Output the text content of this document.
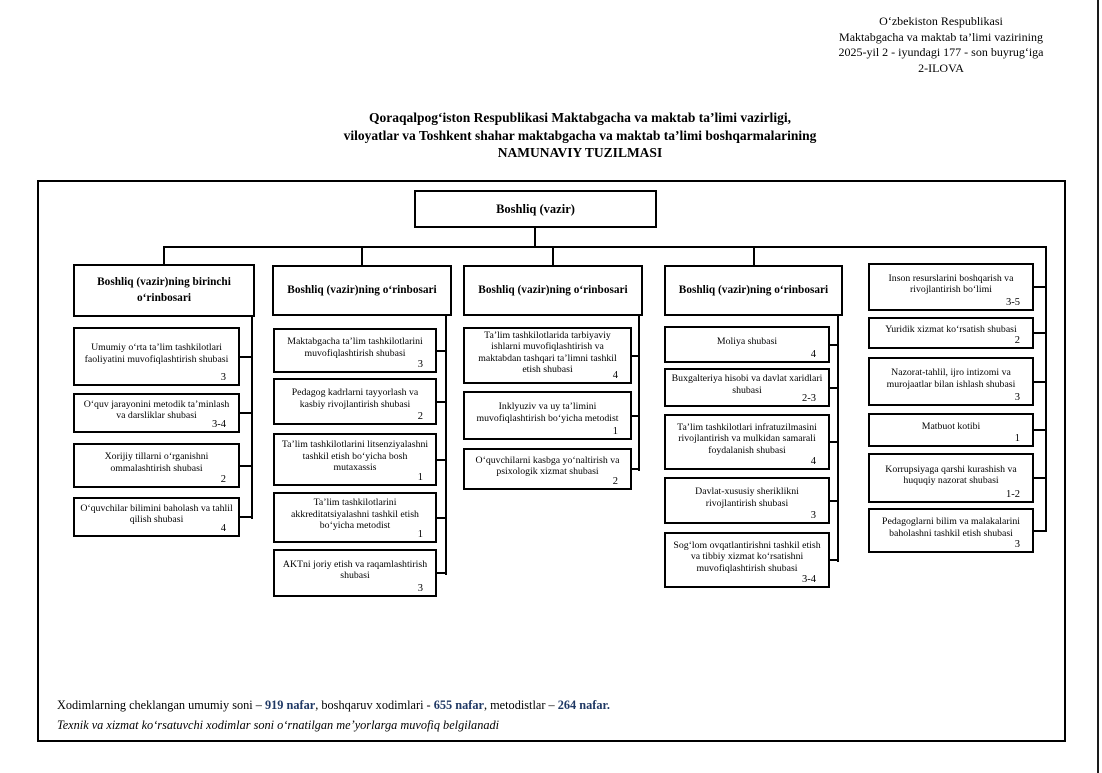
O‘zbekiston Respublikasi
Maktabgacha va maktab ta’limi vazirining
2025-yil 2 - iyundagi 177 - son buyrug‘iga
2-ILOVA
Qoraqalpog‘iston Respublikasi Maktabgacha va maktab ta’limi vazirligi,
viloyatlar va Toshkent shahar maktabgacha va maktab ta’limi boshqarmalarining
NAMUNAVIY TUZILMASI
Boshliq (vazir)
Boshliq (vazir)ning birinchi o‘rinbosari
Umumiy o‘rta ta’lim tashkilotlari faoliyatini muvofiqlashtirish shubasi
3
O‘quv jarayonini metodik ta’minlash va darsliklar shubasi
3-4
Xorijiy tillarni o‘rganishni ommalashtirish shubasi
2
O‘quvchilar bilimini baholash va tahlil qilish shubasi
4
Boshliq (vazir)ning o‘rinbosari
Maktabgacha ta’lim tashkilotlarini muvofiqlashtirish shubasi
3
Pedagog kadrlarni tayyorlash va kasbiy rivojlantirish shubasi
2
Ta’lim tashkilotlarini litsenziyalashni tashkil etish bo‘yicha bosh mutaxassis
1
Ta’lim tashkilotlarini akkreditatsiyalashni tashkil etish bo‘yicha metodist
1
AKTni joriy etish va raqamlashtirish shubasi
3
Boshliq (vazir)ning o‘rinbosari
Ta’lim tashkilotlarida tarbiyaviy ishlarni muvofiqlashtirish va maktabdan tashqari ta’limni tashkil etish shubasi
4
Inklyuziv va uy ta’limini muvofiqlashtirish bo‘yicha metodist
1
O‘quvchilarni kasbga yo‘naltirish va psixologik xizmat shubasi
2
Boshliq (vazir)ning o‘rinbosari
Moliya shubasi
4
Buxgalteriya hisobi va davlat xaridlari shubasi
2-3
Ta’lim tashkilotlari infratuzilmasini rivojlantirish va mulkidan samarali foydalanish shubasi
4
Davlat-xususiy sheriklikni rivojlantirish shubasi
3
Sog‘lom ovqatlantirishni tashkil etish va tibbiy xizmat ko‘rsatishni muvofiqlashtirish shubasi
3-4
Inson resurslarini boshqarish va rivojlantirish bo‘limi
3-5
Yuridik xizmat ko‘rsatish shubasi
2
Nazorat-tahlil, ijro intizomi va murojaatlar bilan ishlash shubasi
3
Matbuot kotibi
1
Korrupsiyaga qarshi kurashish va huquqiy nazorat shubasi
1-2
Pedagoglarni bilim va malakalarini baholashni tashkil etish shubasi
3
Xodimlarning cheklangan umumiy soni – 919 nafar, boshqaruv xodimlari - 655 nafar, metodistlar – 264 nafar.
Texnik va xizmat ko‘rsatuvchi xodimlar soni o‘rnatilgan me’yorlarga muvofiq belgilanadi
